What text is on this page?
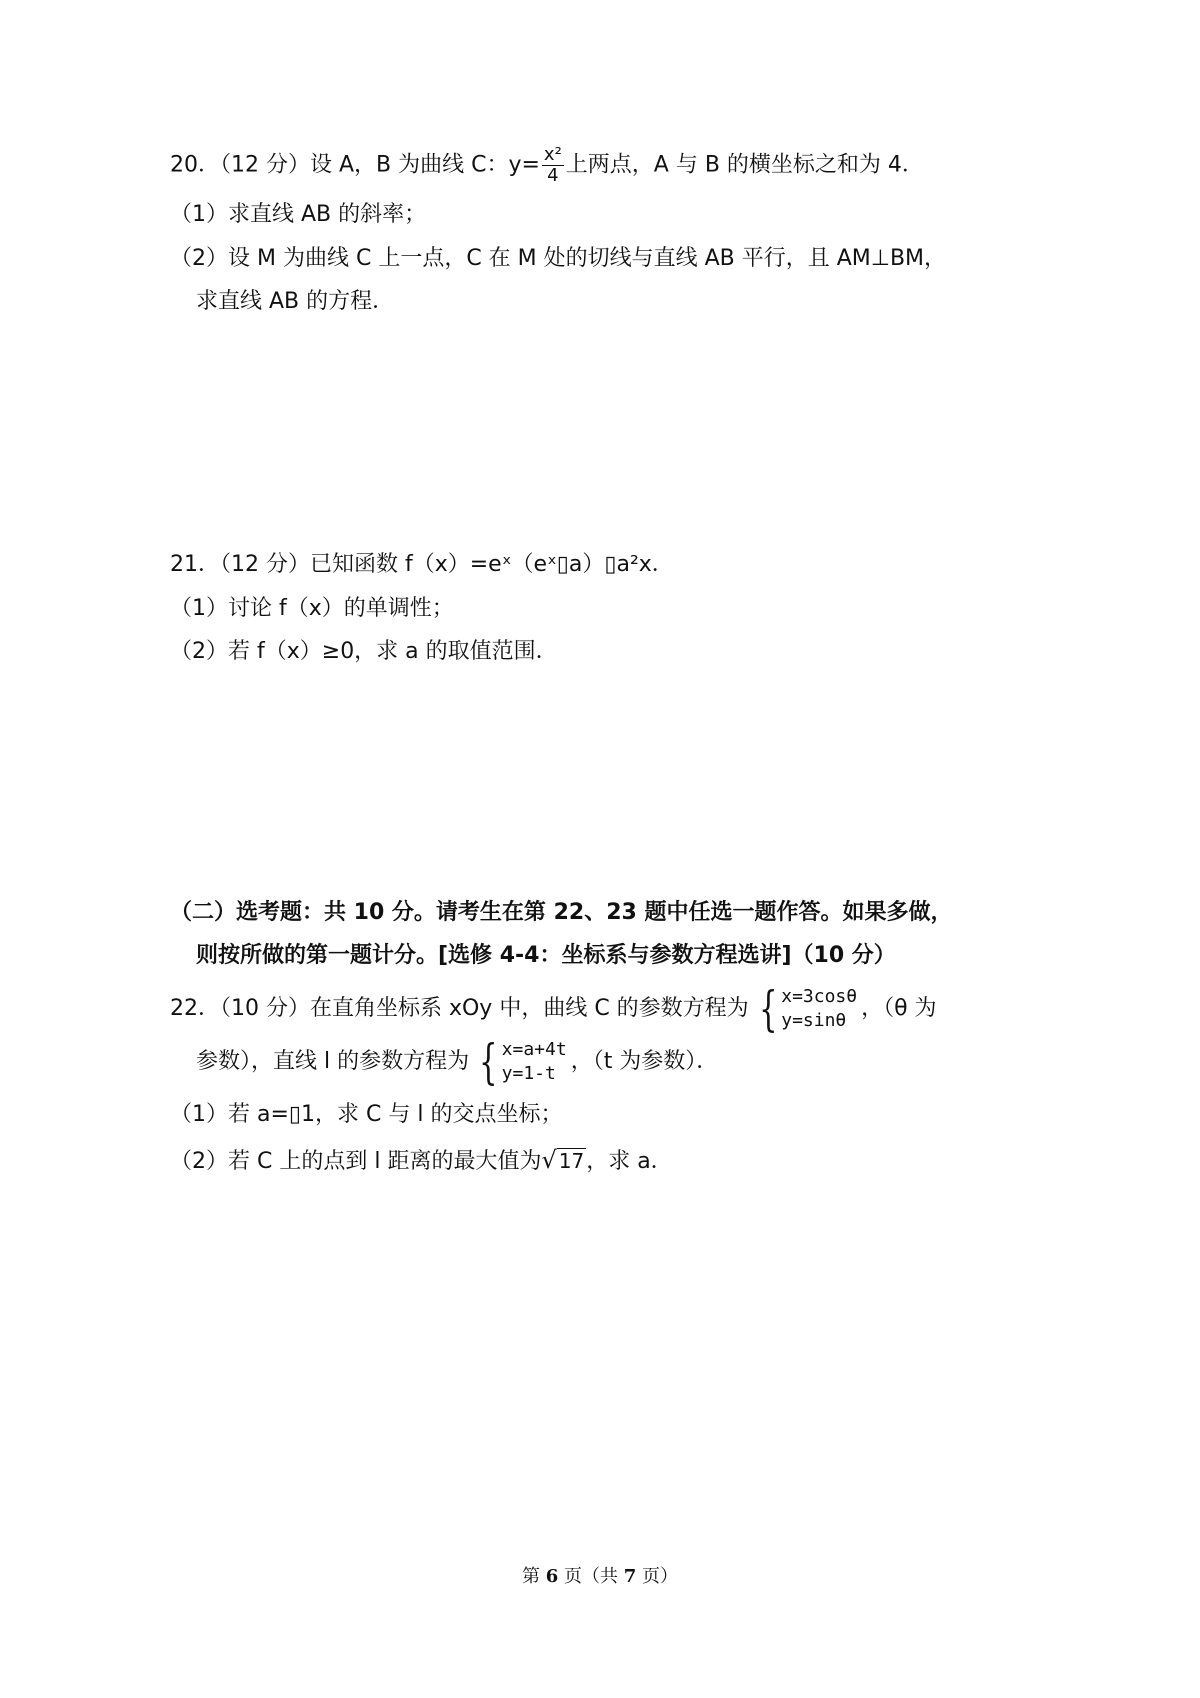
20．（12 分）设 A，B 为曲线 C：$y= \frac{\text{x²}}{4}$ 上两点，A 与 B 的横坐标之和为 4．
（1）求直线 AB 的斜率；
（2）设 M 为曲线 C 上一点，C 在 M 处的切线与直线 AB 平行，且 AM⊥BM，
求直线 AB 的方程．
21．（12 分）已知函数 f（x）=eˣ（eˣ▯a）▯a²x．
（1）讨论 f（x）的单调性；
（2）若 f（x）≥0，求 a 的取值范围．
（二）选考题：共 10 分。请考生在第 22、23 题中任选一题作答。如果多做，
则按所做的第一题计分。[选修 4-4：坐标系与参数方程选讲]（10 分）
22．（10 分）在直角坐标系 xOy 中，曲线 C 的参数方程为 { x=3cosθ
y=sinθ ，（θ 为
参数），直线 l 的参数方程为 { x=a+4t
y=1-t ，（t 为参数）．
（1）若 a=▯1，求 C 与 l 的交点坐标；
（2）若 C 上的点到 l 距离的最大值为√ 17，求 a．
第 6 页（共 7 页）
